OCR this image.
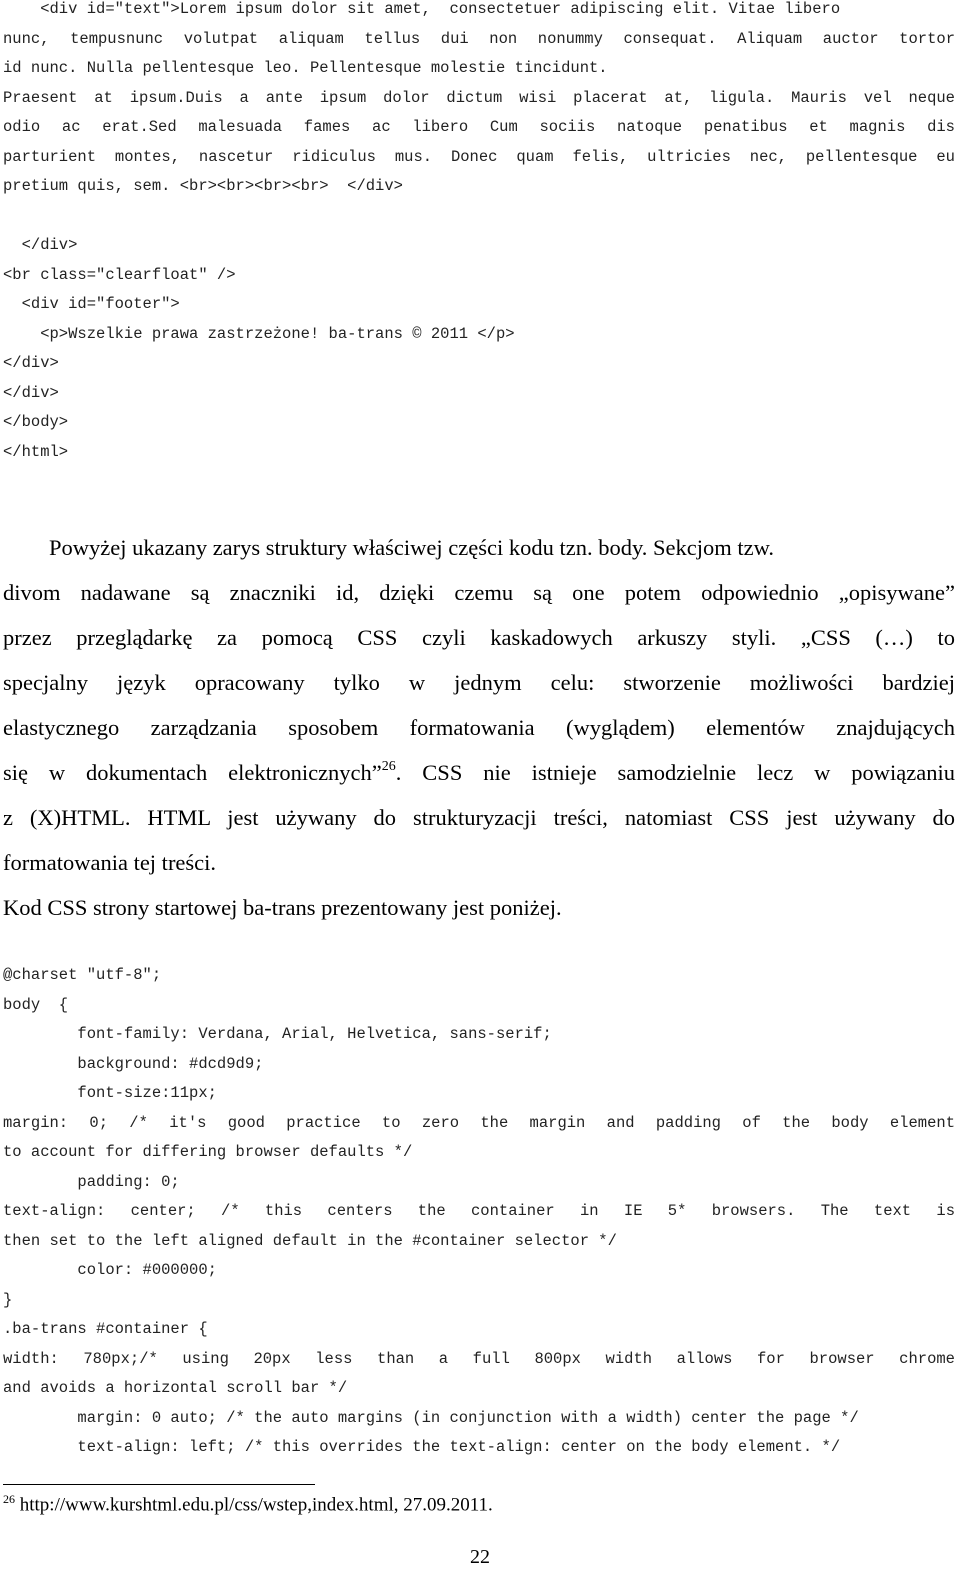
<div id="text">Lorem ipsum dolor sit amet,  consectetuer adipiscing elit. Vitae libero
nunc, tempusnunc volutpat aliquam tellus dui non nonummy consequat. Aliquam auctor tortor
id nunc. Nulla pellentesque leo. Pellentesque molestie tincidunt.
Praesent at ipsum.Duis a ante ipsum dolor dictum wisi placerat at, ligula. Mauris vel neque
odio ac erat.Sed malesuada fames ac libero Cum sociis natoque penatibus et magnis dis
parturient montes, nascetur ridiculus mus. Donec quam felis, ultricies nec, pellentesque eu
pretium quis, sem. <br><br><br><br>  </div>
</div>
<br class="clearfloat" />
<div id="footer">
<p>Wszelkie prawa zastrzeżone! ba-trans © 2011 </p>
</div>
</div>
</body>
</html>
Powyżej ukazany zarys struktury właściwej części kodu tzn. body. Sekcjom tzw.
divom nadawane są znaczniki id, dzięki czemu są one potem odpowiednio „opisywane”
przez przeglądarkę za pomocą CSS czyli kaskadowych arkuszy styli. „CSS (…) to
specjalny język opracowany tylko w jednym celu: stworzenie możliwości bardziej
elastycznego zarządzania sposobem formatowania (wyglądem) elementów znajdujących
się w dokumentach elektronicznych”$^{26}$. CSS nie istnieje samodzielnie lecz w powiązaniu
z (X)HTML. HTML jest używany do strukturyzacji treści, natomiast CSS jest używany do
formatowania tej treści.
Kod CSS strony startowej ba-trans prezentowany jest poniżej.
@charset "utf-8";
body  {
font-family: Verdana, Arial, Helvetica, sans-serif;
background: #dcd9d9;
font-size:11px;
margin: 0; /* it's good practice to zero the margin and padding of the body element
to account for differing browser defaults */
padding: 0;
text-align: center; /* this centers the container in IE 5* browsers. The text is
then set to the left aligned default in the #container selector */
color: #000000;
}
.ba-trans #container {
width: 780px;/* using 20px less than a full 800px width allows for browser chrome
and avoids a horizontal scroll bar */
margin: 0 auto; /* the auto margins (in conjunction with a width) center the page */
text-align: left; /* this overrides the text-align: center on the body element. */
$^{26}$ http://www.kurshtml.edu.pl/css/wstep,index.html, 27.09.2011.
22
